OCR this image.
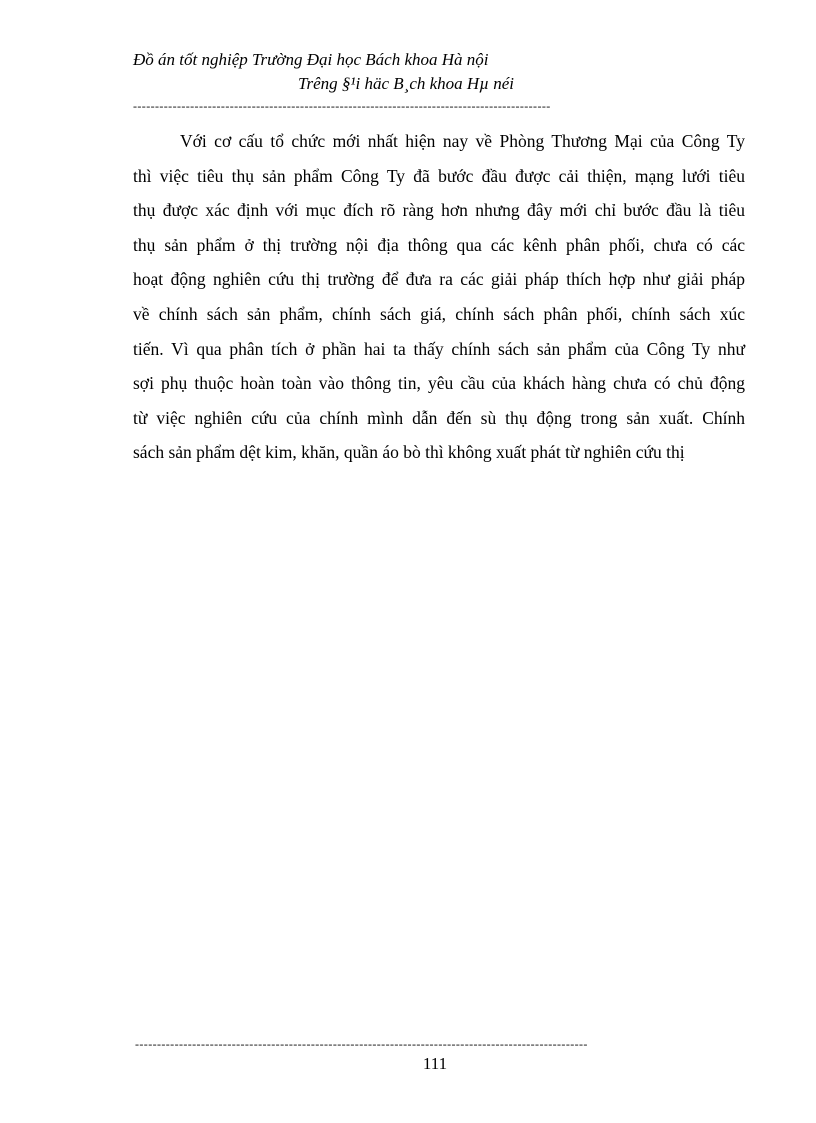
Đồ án tốt nghiệp Trường Đại học Bách khoa Hà nội
Trêng §¹i häc B¸ch khoa Hµ néi
-----------------------------------------------------------------------------------------------
Với cơ cấu tổ chức mới nhất hiện nay về Phòng Thương Mại của Công Ty
thì việc tiêu thụ sản phẩm Công Ty đã bước đầu được cải thiện, mạng lưới tiêu
thụ được xác định với mục đích rõ ràng hơn nhưng đây mới chỉ bước đầu là tiêu
thụ sản phẩm ở thị trường nội địa thông qua các kênh phân phối, chưa có các
hoạt động nghiên cứu thị trường để đưa ra các giải pháp thích hợp như giải pháp
về chính sách sản phẩm, chính sách giá, chính sách phân phối, chính sách xúc
tiến. Vì qua phân tích ở phần hai ta thấy chính sách sản phẩm của Công Ty như
sợi phụ thuộc hoàn toàn vào thông tin, yêu cầu của khách hàng chưa có chủ động
từ việc nghiên cứu của chính mình dẫn đến sù thụ động trong sản xuất. Chính
sách sản phẩm dệt kim, khăn, quần áo bò thì không xuất phát từ nghiên cứu thị
-------------------------------------------------------------------------------------------------------
111
